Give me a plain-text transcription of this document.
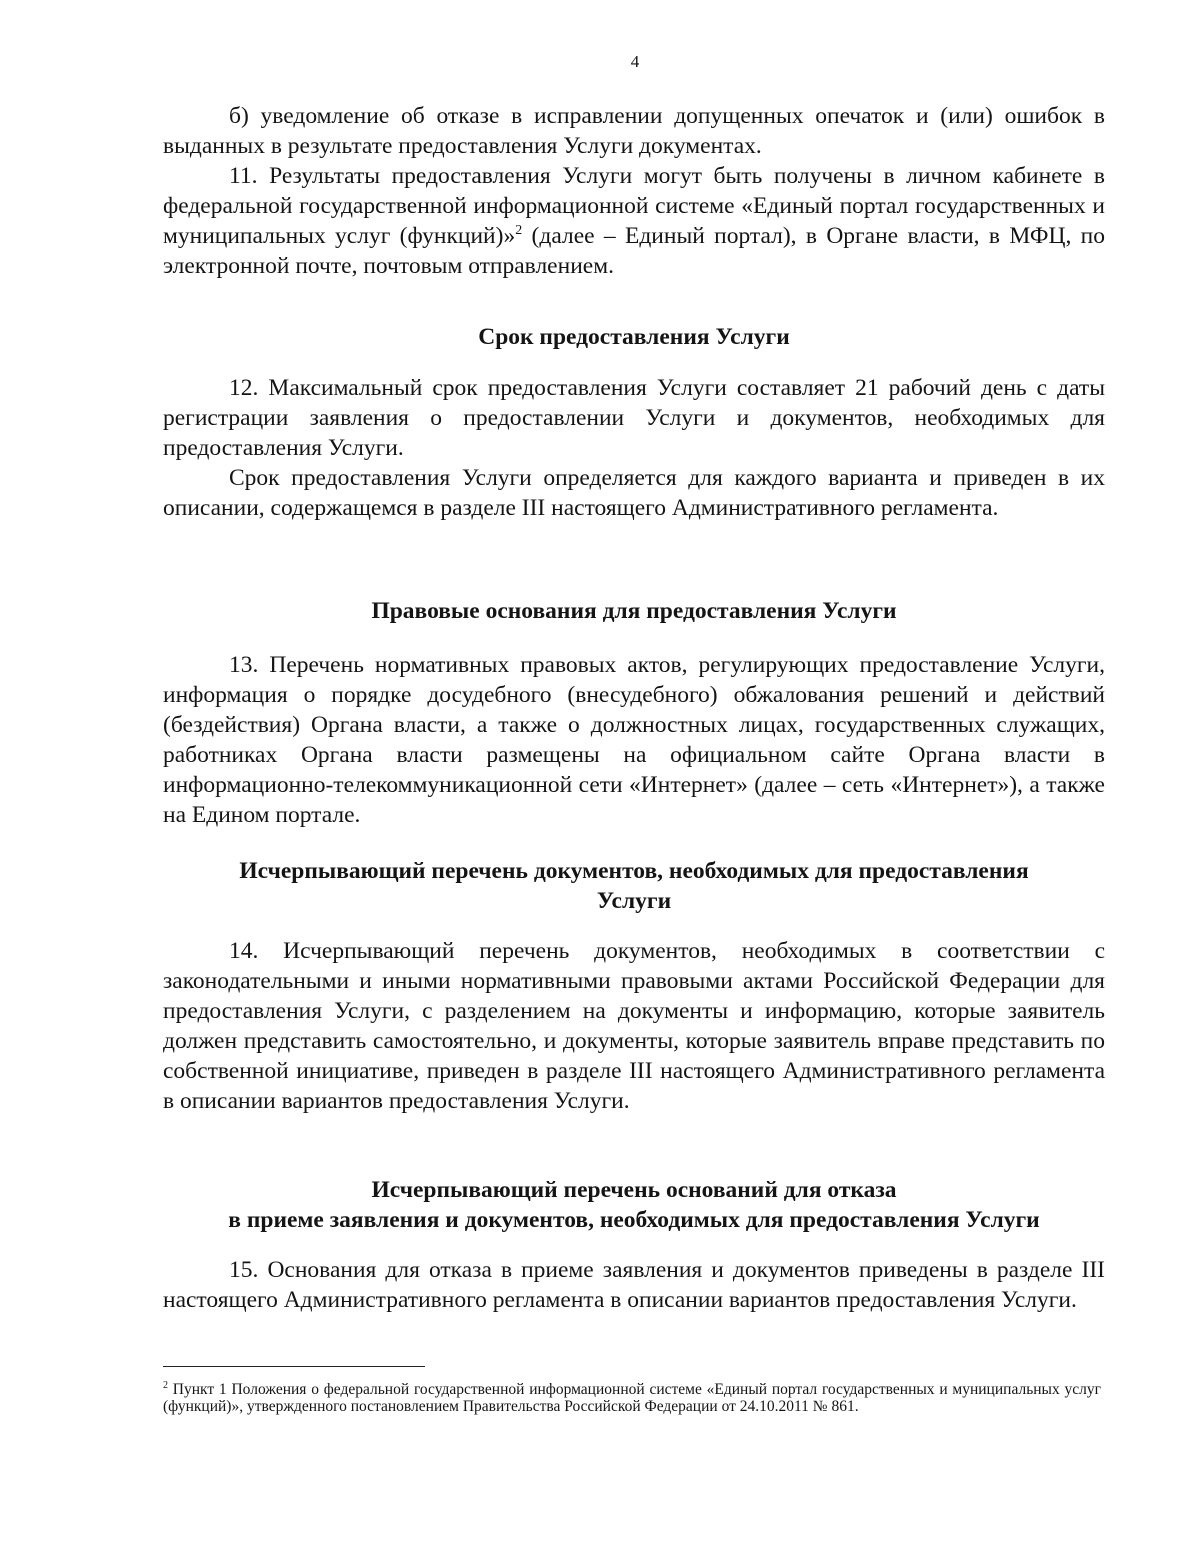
4

б) уведомление об отказе в исправлении допущенных опечаток и (или) ошибок в выданных в результате предоставления Услуги документах.

11. Результаты предоставления Услуги могут быть получены в личном кабинете в федеральной государственной информационной системе «Единый портал государственных и муниципальных услуг (функций)»$^2$ (далее – Единый портал), в Органе власти, в МФЦ, по электронной почте, почтовым отправлением.

Срок предоставления Услуги

12. Максимальный срок предоставления Услуги составляет 21 рабочий день с даты регистрации заявления о предоставлении Услуги и документов, необходимых для предоставления Услуги.

Срок предоставления Услуги определяется для каждого варианта и приведен в их описании, содержащемся в разделе III настоящего Административного регламента.

Правовые основания для предоставления Услуги

13. Перечень нормативных правовых актов, регулирующих предоставление Услуги, информация о порядке досудебного (внесудебного) обжалования решений и действий (бездействия) Органа власти, а также о должностных лицах, государственных служащих, работниках Органа власти размещены на официальном сайте Органа власти в информационно-телекоммуникационной сети «Интернет» (далее – сеть «Интернет»), а также на Едином портале.

Исчерпывающий перечень документов, необходимых для предоставления
Услуги

14. Исчерпывающий перечень документов, необходимых в соответствии с законодательными и иными нормативными правовыми актами Российской Федерации для предоставления Услуги, с разделением на документы и информацию, которые заявитель должен представить самостоятельно, и документы, которые заявитель вправе представить по собственной инициативе, приведен в разделе III настоящего Административного регламента в описании вариантов предоставления Услуги.

Исчерпывающий перечень оснований для отказа
в приеме заявления и документов, необходимых для предоставления Услуги

15. Основания для отказа в приеме заявления и документов приведены в разделе III настоящего Административного регламента в описании вариантов предоставления Услуги.

$^2$ Пункт 1 Положения о федеральной государственной информационной системе «Единый портал государственных и муниципальных услуг (функций)», утвержденного постановлением Правительства Российской Федерации от 24.10.2011 № 861.
